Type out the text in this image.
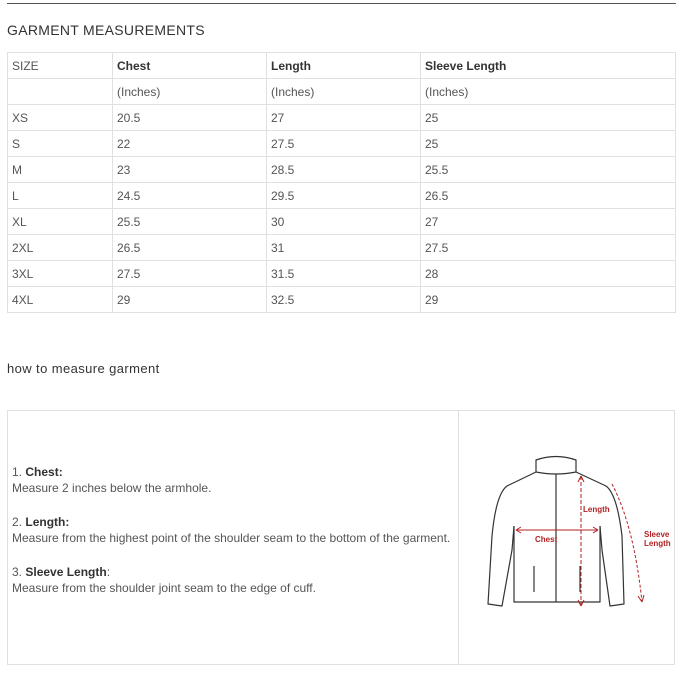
GARMENT MEASUREMENTS
SIZE	Chest	Length	Sleeve Length
	(Inches)	(Inches)	(Inches)
XS	20.5	27	25
S	22	27.5	25
M	23	28.5	25.5
L	24.5	29.5	26.5
XL	25.5	30	27
2XL	26.5	31	27.5
3XL	27.5	31.5	28
4XL	29	32.5	29
how to measure garment
1. Chest:
Measure 2 inches below the armhole.
2. Length:
Measure from the highest point of the shoulder seam to the bottom of the garment.
3. Sleeve Length:
Measure from the shoulder joint seam to the edge of cuff.
Length
Chest
Sleeve
Length
